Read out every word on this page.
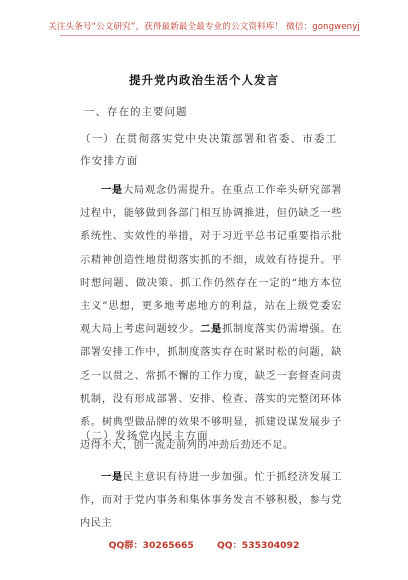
关注头条号“公文研究”，获得最新最全最专业的公文资料库！ 微信：gongwenyj
提升党内政治生活个人发言
一、存在的主要问题
（一）在贯彻落实党中央决策部署和省委、市委工作安排方面
一是大局观念仍需提升。在重点工作牵头研究部署过程中，能够做到各部门相互协调推进，但仍缺乏一些系统性、实效性的举措，对于习近平总书记重要指示批示精神创造性地贯彻落实抓的不细，成效有待提升。平时想问题、做决策、抓工作仍然存在一定的“地方本位主义”思想，更多地考虑地方的利益，站在上级党委宏观大局上考虑问题较少。二是抓制度落实仍需增强。在部署安排工作中，抓制度落实存在时紧时松的问题，缺乏一以贯之、常抓不懈的工作力度，缺乏一套督查问责机制，没有形成部署、安排、检查、落实的完整闭环体系。树典型做品牌的效果不够明显，抓建设谋发展步子迈得不大，创一流走前列的冲劲后劲还不足。
（二）发扬党内民主方面
一是民主意识有待进一步加强。忙于抓经济发展工作，而对于党内事务和集体事务发言不够积极，参与党内民主
QQ群：30265665	QQ：535304092
